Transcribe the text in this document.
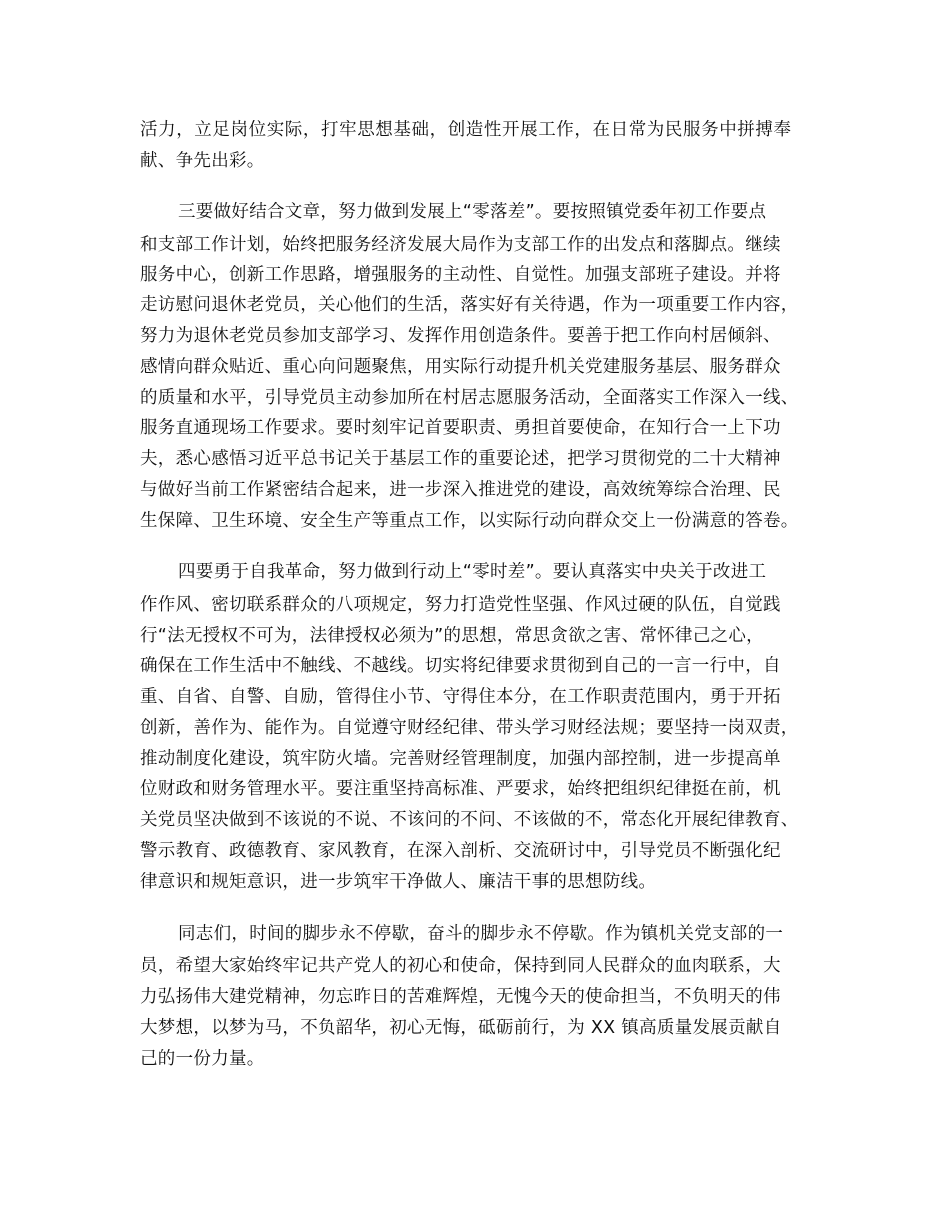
活力，立足岗位实际，打牢思想基础，创造性开展工作，在日常为民服务中拼搏奉
献、争先出彩。
三要做好结合文章，努力做到发展上“零落差”。要按照镇党委年初工作要点
和支部工作计划，始终把服务经济发展大局作为支部工作的出发点和落脚点。继续
服务中心，创新工作思路，增强服务的主动性、自觉性。加强支部班子建设。并将
走访慰问退休老党员，关心他们的生活，落实好有关待遇，作为一项重要工作内容，
努力为退休老党员参加支部学习、发挥作用创造条件。要善于把工作向村居倾斜、
感情向群众贴近、重心向问题聚焦，用实际行动提升机关党建服务基层、服务群众
的质量和水平，引导党员主动参加所在村居志愿服务活动，全面落实工作深入一线、
服务直通现场工作要求。要时刻牢记首要职责、勇担首要使命，在知行合一上下功
夫，悉心感悟习近平总书记关于基层工作的重要论述，把学习贯彻党的二十大精神
与做好当前工作紧密结合起来，进一步深入推进党的建设，高效统筹综合治理、民
生保障、卫生环境、安全生产等重点工作，以实际行动向群众交上一份满意的答卷。
四要勇于自我革命，努力做到行动上“零时差”。要认真落实中央关于改进工
作作风、密切联系群众的八项规定，努力打造党性坚强、作风过硬的队伍，自觉践
行“法无授权不可为，法律授权必须为”的思想，常思贪欲之害、常怀律己之心，
确保在工作生活中不触线、不越线。切实将纪律要求贯彻到自己的一言一行中，自
重、自省、自警、自励，管得住小节、守得住本分，在工作职责范围内，勇于开拓
创新，善作为、能作为。自觉遵守财经纪律、带头学习财经法规；要坚持一岗双责，
推动制度化建设，筑牢防火墙。完善财经管理制度，加强内部控制，进一步提高单
位财政和财务管理水平。要注重坚持高标准、严要求，始终把组织纪律挺在前，机
关党员坚决做到不该说的不说、不该问的不问、不该做的不，常态化开展纪律教育、
警示教育、政德教育、家风教育，在深入剖析、交流研讨中，引导党员不断强化纪
律意识和规矩意识，进一步筑牢干净做人、廉洁干事的思想防线。
同志们，时间的脚步永不停歇，奋斗的脚步永不停歇。作为镇机关党支部的一
员，希望大家始终牢记共产党人的初心和使命，保持到同人民群众的血肉联系，大
力弘扬伟大建党精神，勿忘昨日的苦难辉煌，无愧今天的使命担当，不负明天的伟
大梦想，以梦为马，不负韶华，初心无悔，砥砺前行，为 XX 镇高质量发展贡献自
己的一份力量。
